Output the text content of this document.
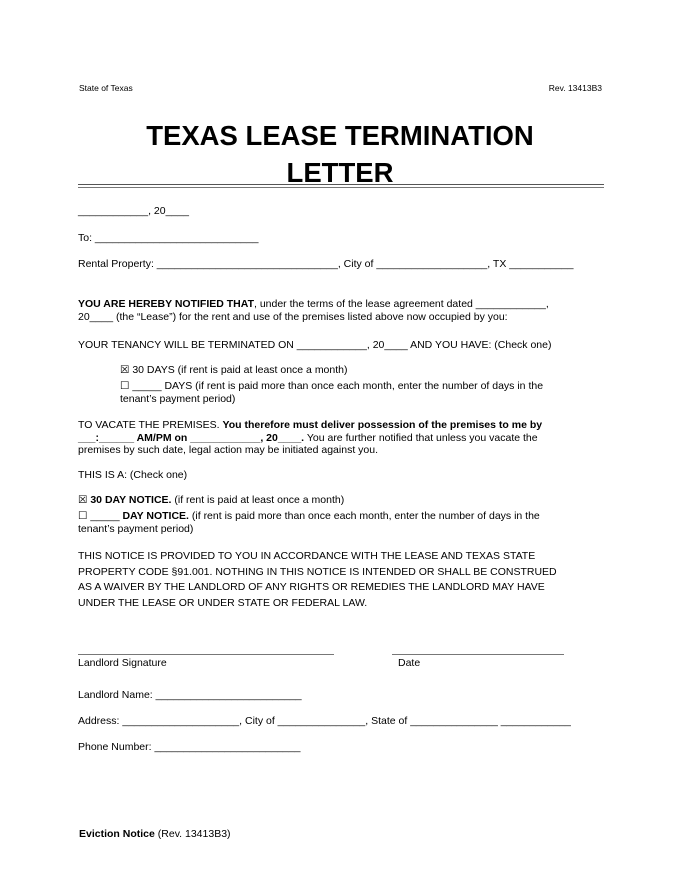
State of Texas	Rev. 13413B3
TEXAS LEASE TERMINATION
LETTER
____________, 20____
To: ____________________________
Rental Property: _______________________________, City of ___________________, TX ___________
YOU ARE HEREBY NOTIFIED THAT, under the terms of the lease agreement dated ____________,
20____ (the “Lease”) for the rent and use of the premises listed above now occupied by you:
YOUR TENANCY WILL BE TERMINATED ON ____________, 20____ AND YOU HAVE: (Check one)
☒ 30 DAYS (if rent is paid at least once a month)
☐ _____ DAYS (if rent is paid more than once each month, enter the number of days in the
tenant’s payment period)
TO VACATE THE PREMISES. You therefore must deliver possession of the premises to me by
___:______ AM/PM on ____________, 20____. You are further notified that unless you vacate the
premises by such date, legal action may be initiated against you.
THIS IS A: (Check one)
☒ 30 DAY NOTICE. (if rent is paid at least once a month)
☐ _____ DAY NOTICE. (if rent is paid more than once each month, enter the number of days in the
tenant’s payment period)
THIS NOTICE IS PROVIDED TO YOU IN ACCORDANCE WITH THE LEASE AND TEXAS STATE
PROPERTY CODE §91.001. NOTHING IN THIS NOTICE IS INTENDED OR SHALL BE CONSTRUED
AS A WAIVER BY THE LANDLORD OF ANY RIGHTS OR REMEDIES THE LANDLORD MAY HAVE
UNDER THE LEASE OR UNDER STATE OR FEDERAL LAW.
Landlord Signature	Date
Landlord Name: _________________________
Address: ____________________, City of _______________, State of _______________ ____________
Phone Number: _________________________
Eviction Notice (Rev. 13413B3)
